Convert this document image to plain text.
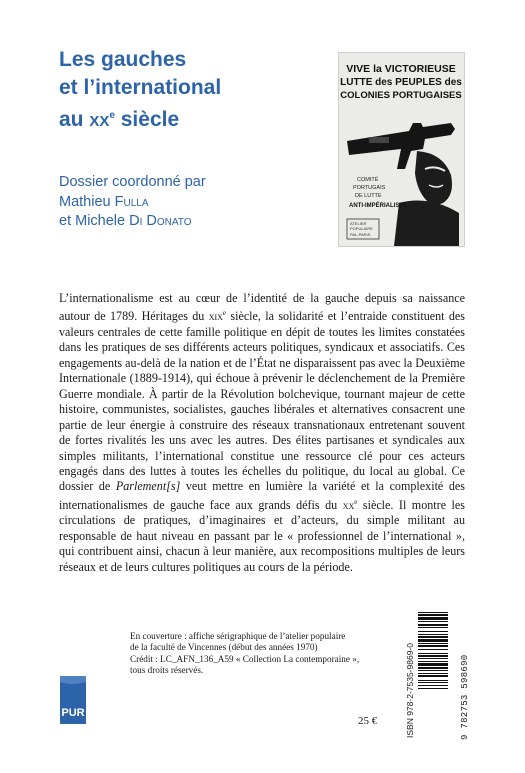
Les gauches
et l’international
au $xx^e$ siècle
Dossier coordonné par
Mathieu Fulla
et Michele Di Donato
VIVE la VICTORIEUSE
LUTTE des PEUPLES des
COLONIES PORTUGAISES
COMITÉ
PORTUGAIS
DE LUTTE
ANTI-IMPÉRIALISTE
ATELIER
POPULAIRE
PAL-PARIS

L’internationalisme est au cœur de l’identité de la gauche depuis sa naissance autour de 1789. Héritages du xix$^e$ siècle, la solidarité et l’entraide constituent des valeurs centrales de cette famille politique en dépit de toutes les limites constatées dans les pratiques de ses différents acteurs politiques, syndicaux et associatifs. Ces engagements au-delà de la nation et de l’État ne disparaissent pas avec la Deuxième Internationale (1889-1914), qui échoue à prévenir le déclenchement de la Première Guerre mondiale. À partir de la Révolution bolchevique, tournant majeur de cette histoire, communistes, socialistes, gauches libérales et alternatives consacrent une partie de leur énergie à construire des réseaux transnationaux entretenant souvent de fortes rivalités les uns avec les autres. Des élites partisanes et syndicales aux simples militants, l’international constitue une ressource clé pour ces acteurs engagés dans des luttes à toutes les échelles du politique, du local au global. Ce dossier de Parlement[s] veut mettre en lumière la variété et la complexité des internationalismes de gauche face aux grands défis du $xx^e$ siècle. Il montre les circulations de pratiques, d’imaginaires et d’acteurs, du simple militant au responsable de haut niveau en passant par le « professionnel de l’international », qui contribuent ainsi, chacun à leur manière, aux recompositions multiples de leurs réseaux et de leurs cultures politiques au cours de la période.

En couverture : affiche sérigraphique de l’atelier populaire
de la faculté de Vincennes (début des années 1970)
Crédit : LC_AFN_136_A59 « Collection La contemporaine »,
tous droits réservés.
PUR
25 €	ISBN 978-2-7535-9869-0	9 782753 598690
